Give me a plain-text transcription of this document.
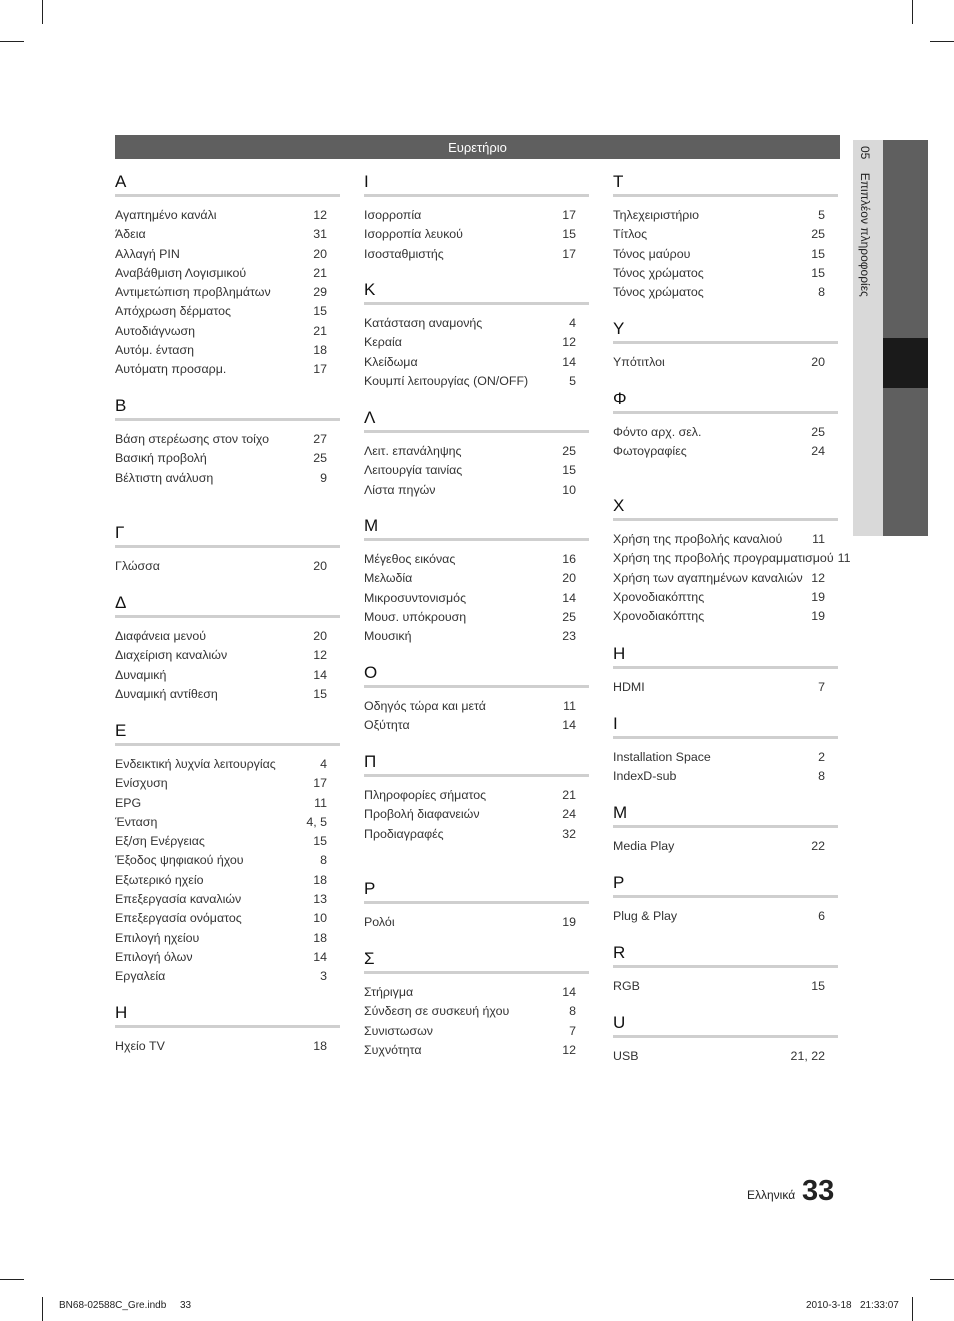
Ευρετήριο
Α
Αγαπημένο κανάλι	12
Άδεια	31
Αλλαγή PIN	20
Αναβάθμιση Λογισμικού	21
Αντιμετώπιση προβλημάτων	29
Απόχρωση δέρματος	15
Αυτοδιάγνωση	21
Αυτόμ. ένταση	18
Αυτόματη προσαρμ.	17
Β
Βάση στερέωσης στον τοίχο	27
Βασική προβολή	25
Βέλτιστη ανάλυση	9
Γ
Γλώσσα	20
Δ
Διαφάνεια μενού	20
Διαχείριση καναλιών	12
Δυναμική	14
Δυναμική αντίθεση	15
Ε
Ενδεικτική λυχνία λειτουργίας	4
Ενίσχυση	17
EPG	11
Ένταση	4, 5
Εξ/ση Ενέργειας	15
Έξοδος ψηφιακού ήχου	8
Εξωτερικό ηχείο	18
Επεξεργασία καναλιών	13
Επεξεργασία ονόματος	10
Επιλογή ηχείου	18
Επιλογή όλων	14
Εργαλεία	3
Η
Ηχείο TV	18
Ι
Ισορροπία	17
Ισορροπία λευκού	15
Ισοσταθμιστής	17
Κ
Κατάσταση αναμονής	4
Κεραία	12
Κλείδωμα	14
Κουμπί λειτουργίας (ON/OFF)	5
Λ
Λειτ. επανάληψης	25
Λειτουργία ταινίας	15
Λίστα πηγών	10
Μ
Μέγεθος εικόνας	16
Μελωδία	20
Μικροσυντονισμός	14
Μουσ. υπόκρουση	25
Μουσική	23
Ο
Οδηγός τώρα και μετά	11
Οξύτητα	14
Π
Πληροφορίες σήματος	21
Προβολή διαφανειών	24
Προδιαγραφές	32
Ρ
Ρολόι	19
Σ
Στήριγμα	14
Σύνδεση σε συσκευή ήχου	8
Συνιστωσων	7
Συχνότητα	12
Τ
Τηλεχειριστήριο	5
Τίτλος	25
Τόνος μαύρου	15
Τόνος χρώματος	15
Τόνος χρώματος	8
Υ
Υπότιτλοι	20
Φ
Φόντο αρχ. σελ.	25
Φωτογραφίες	24
Χ
Χρήση της προβολής καναλιού	11
Χρήση της προβολής προγραμματισμού 11
Χρήση των αγαπημένων καναλιών 12
Χρονοδιακόπτης	19
Χρονοδιακόπτης	19
H
HDMI	7
I
Installation Space	2
IndexD-sub	8
M
Media Play	22
P
Plug & Play	6
R
RGB	15
U
USB	21, 22
05 Επιπλέον πληροφορίες
Ελληνικά 33
BN68-02588C_Gre.indb 33	2010-3-18 21:33:07
